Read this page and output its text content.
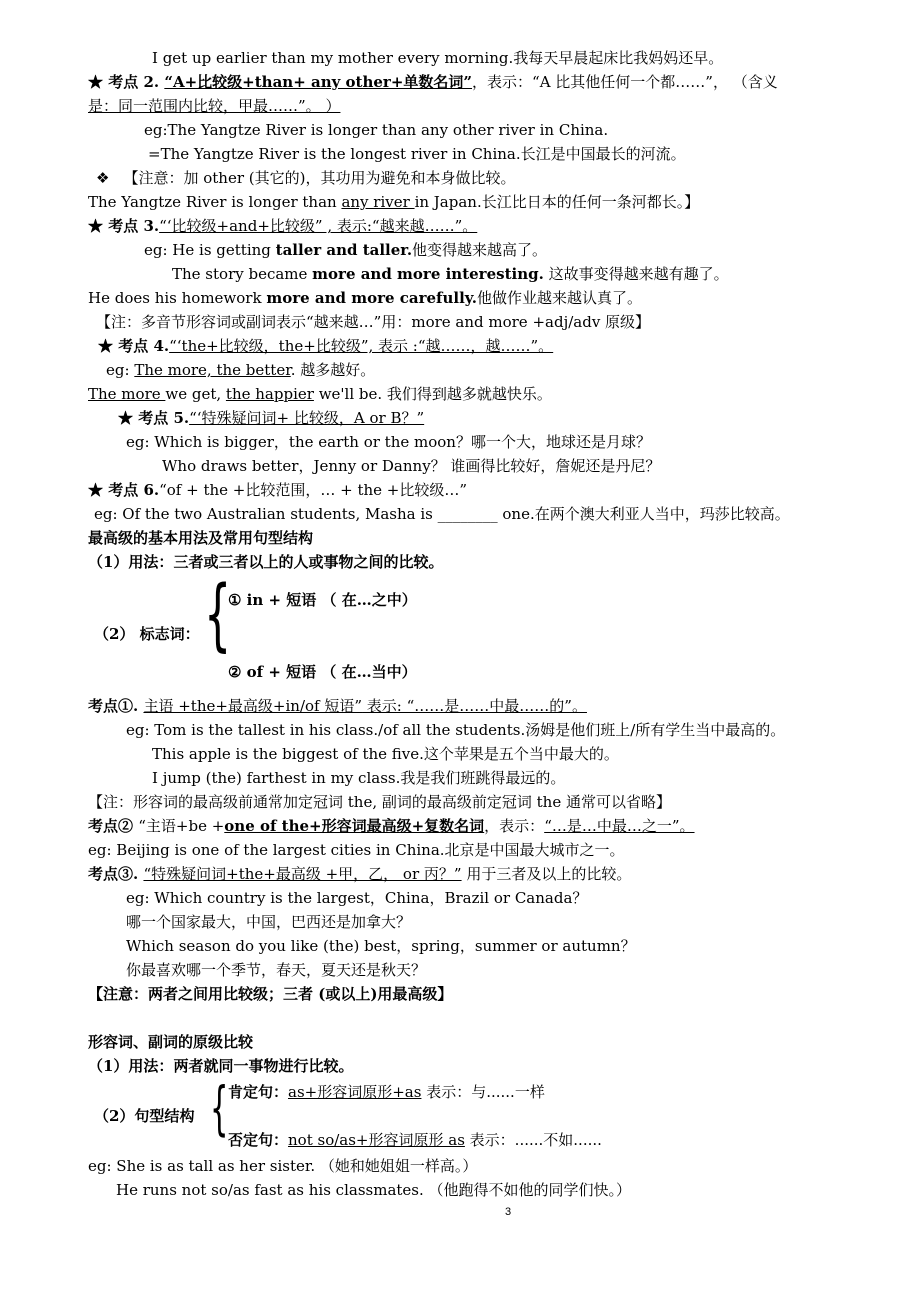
I get up earlier than my mother every morning.我每天早晨起床比我妈妈还早。
★ 考点 2. “A+比较级+than+ any other+单数名词”，表示：“A 比其他任何一个都……”， （含义
是：同一范围内比较，甲最……”。 ）
eg:The Yangtze River is longer than any other river in China.
=The Yangtze River is the longest river in China.长江是中国最长的河流。
❖ 【注意：加 other (其它的)，其功用为避免和本身做比较。
The Yangtze River is longer than any river in Japan.长江比日本的任何一条河都长。】
★ 考点 3.“‘比较级+and+比较级” , 表示:“越来越……”。
eg: He is getting taller and taller.他变得越来越高了。
The story became more and more interesting. 这故事变得越来越有趣了。
He does his homework more and more carefully.他做作业越来越认真了。
【注：多音节形容词或副词表示“越来越…”用：more and more +adj/adv 原级】
★ 考点 4.“‘the+比较级，the+比较级”, 表示 :“越……，越……”。
eg: The more, the better. 越多越好。
The more we get, the happier we'll be. 我们得到越多就越快乐。
★ 考点 5.“‘特殊疑问词+ 比较级，A or B？”
eg: Which is bigger，the earth or the moon？哪一个大，地球还是月球？
Who draws better，Jenny or Danny？ 谁画得比较好，詹妮还是丹尼？
★ 考点 6.“of + the +比较范围，… + the +比较级…”
eg: Of the two Australian students, Masha is ________ one.在两个澳大利亚人当中，玛莎比较高。
最高级的基本用法及常用句型结构
（1）用法：三者或三者以上的人或事物之间的比较。
{
① in + 短语 （ 在…之中）
（2） 标志词：
② of + 短语 （ 在…当中）
考点①. 主语 +the+最高级+in/of 短语” 表示: “……是……中最……的”。
eg: Tom is the tallest in his class./of all the students.汤姆是他们班上/所有学生当中最高的。
This apple is the biggest of the five.这个苹果是五个当中最大的。
I jump (the) farthest in my class.我是我们班跳得最远的。
【注：形容词的最高级前通常加定冠词 the, 副词的最高级前定冠词 the 通常可以省略】
考点② “主语+be +one of the+形容词最高级+复数名词，表示：“…是…中最…之一”。
eg: Beijing is one of the largest cities in China.北京是中国最大城市之一。
考点③. “特殊疑问词+the+最高级 +甲，乙， or 丙？” 用于三者及以上的比较。
eg: Which country is the largest，China，Brazil or Canada？
哪一个国家最大，中国，巴西还是加拿大？
Which season do you like (the) best，spring，summer or autumn？
你最喜欢哪一个季节，春天，夏天还是秋天？
【注意：两者之间用比较级；三者 (或以上)用最高级】
形容词、副词的原级比较
（1）用法：两者就同一事物进行比较。
{ 肯定句：as+形容词原形+as 表示：与......一样
（2）句型结构
否定句：not so/as+形容词原形 as 表示：......不如......
eg: She is as tall as her sister. （她和她姐姐一样高。）
He runs not so/as fast as his classmates. （他跑得不如他的同学们快。）
3
